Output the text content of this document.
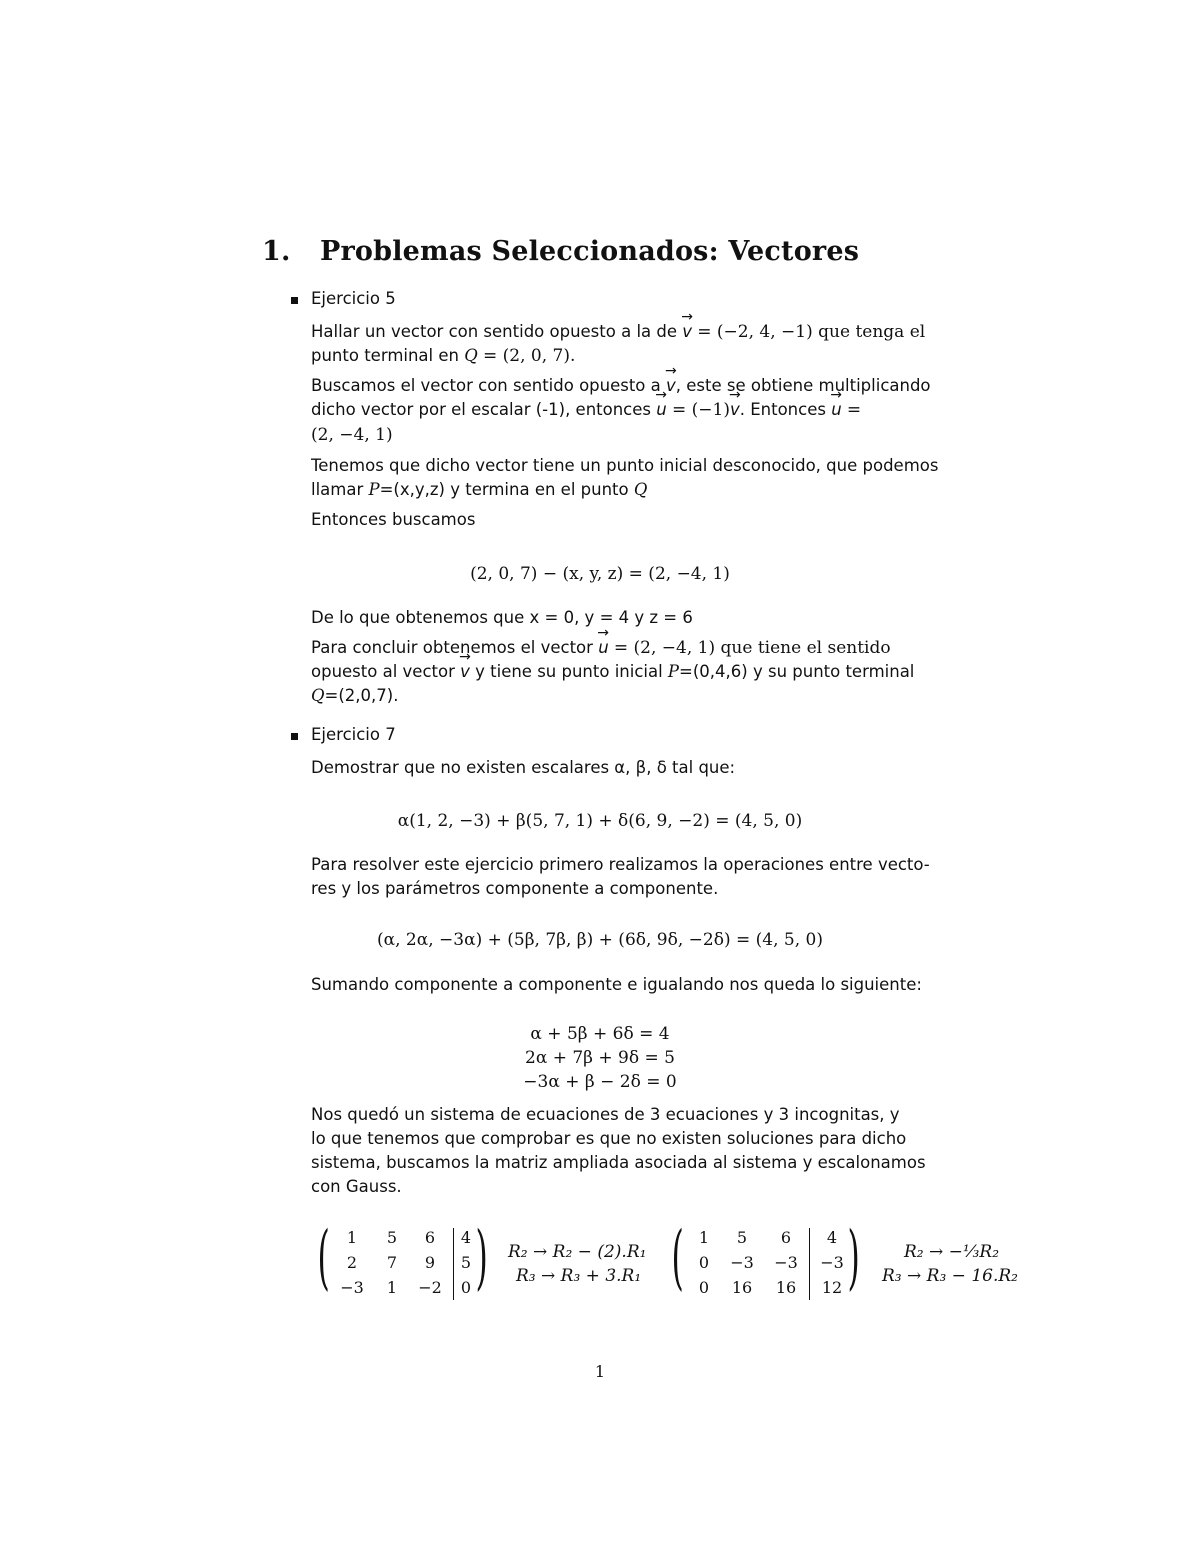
1. Problemas Seleccionados: Vectores
Ejercicio 5
Hallar un vector con sentido opuesto a la de → v = (−2, 4, −1) que tenga el
punto terminal en Q = (2, 0, 7).
Buscamos el vector con sentido opuesto a → v, este se obtiene multiplicando
dicho vector por el escalar (-1), entonces → u = (−1)→ v. Entonces → u =
(2, −4, 1)
Tenemos que dicho vector tiene un punto inicial desconocido, que podemos
llamar P=(x,y,z) y termina en el punto Q
Entonces buscamos
(2, 0, 7) − (x, y, z) = (2, −4, 1)
De lo que obtenemos que x = 0, y = 4 y z = 6
Para concluir obtenemos el vector → u = (2, −4, 1) que tiene el sentido
opuesto al vector → v y tiene su punto inicial P=(0,4,6) y su punto terminal
Q=(2,0,7).
Ejercicio 7
Demostrar que no existen escalares α, β, δ tal que:
α(1, 2, −3) + β(5, 7, 1) + δ(6, 9, −2) = (4, 5, 0)
Para resolver este ejercicio primero realizamos la operaciones entre vecto-
res y los parámetros componente a componente.
(α, 2α, −3α) + (5β, 7β, β) + (6δ, 9δ, −2δ) = (4, 5, 0)
Sumando componente a componente e igualando nos queda lo siguiente:
α + 5β + 6δ = 4
2α + 7β + 9δ = 5
−3α + β − 2δ = 0
Nos quedó un sistema de ecuaciones de 3 ecuaciones y 3 incognitas, y
lo que tenemos que comprobar es que no existen soluciones para dicho
sistema, buscamos la matriz ampliada asociada al sistema y escalonamos
con Gauss.
( )
1	5	6	4
2	7	9	5
−3	1	−2	0
R₂ → R₂ − (2).R₁
R₃ → R₃ + 3.R₁ ( )
1	5	6	4
0	−3	−3	−3
0	16	16	12
R₂ → −⅓R₂
R₃ → R₃ − 16.R₂
1
